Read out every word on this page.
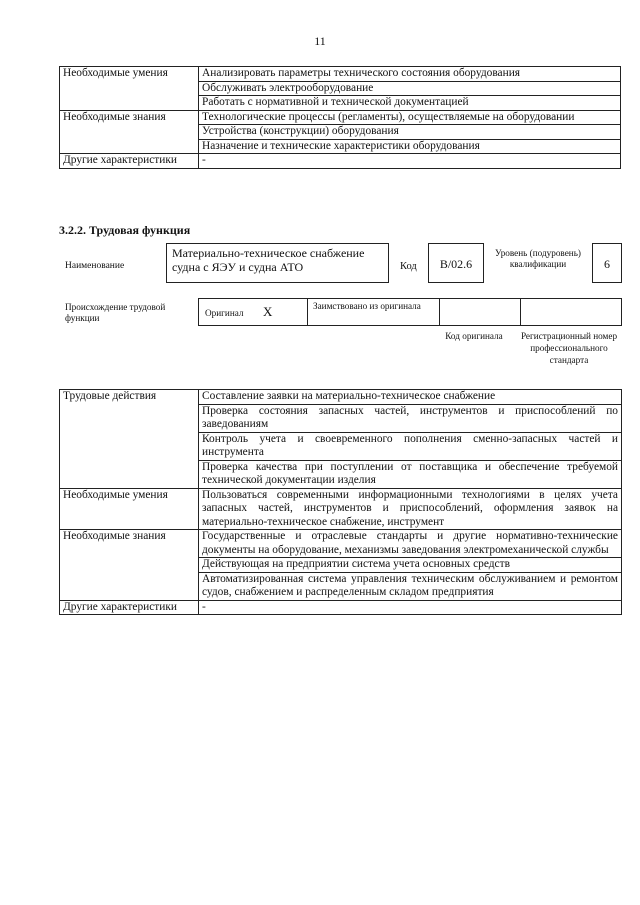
11
Необходимые умения	Анализировать параметры технического состояния оборудования
	Обслуживать электрооборудование
	Работать с нормативной и технической документацией
Необходимые знания	Технологические процессы (регламенты), осуществляемые на оборудовании
	Устройства (конструкции) оборудования
	Назначение и технические характеристики оборудования
Другие характеристики	-
3.2.2. Трудовая функция
Наименование
Материально-техническое снабжение судна с ЯЭУ и судна АТО	Код	B/02.6
Уровень (подуровень) квалификации	6
Происхождение трудовой функции	Оригинал X	Заимствовано из оригинала
Код оригинала	Регистрационный номер профессионального стандарта
Трудовые действия	Составление заявки на материально-техническое снабжение
	Проверка состояния запасных частей, инструментов и приспособлений по заведованиям
	Контроль учета и своевременного пополнения сменно-запасных частей и инструмента
	Проверка качества при поступлении от поставщика и обеспечение требуемой технической документации изделия
Необходимые умения	Пользоваться современными информационными технологиями в целях учета запасных частей, инструментов и приспособлений, оформления заявок на материально-техническое снабжение, инструмент
Необходимые знания	Государственные и отраслевые стандарты и другие нормативно-технические документы на оборудование, механизмы заведования электромеханической службы
	Действующая на предприятии система учета основных средств
	Автоматизированная система управления техническим обслуживанием и ремонтом судов, снабжением и распределенным складом предприятия
Другие характеристики	-
